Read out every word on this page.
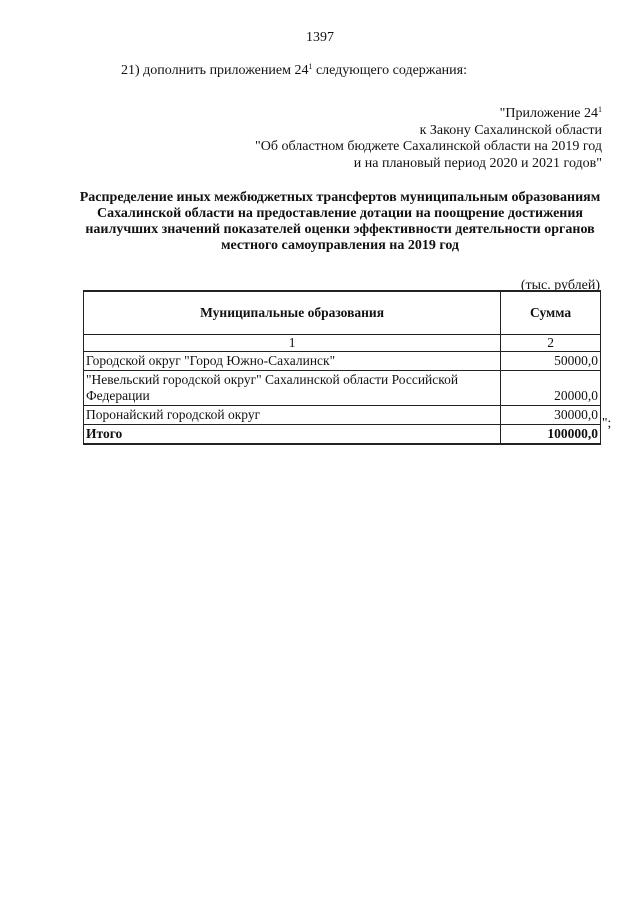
1397
21) дополнить приложением $24^1$ следующего содержания:
"Приложение $24^1$
к Закону Сахалинской области
"Об областном бюджете Сахалинской области на 2019 год
и на плановый период 2020 и 2021 годов"
Распределение иных межбюджетных трансфертов муниципальным образованиям
Сахалинской области на предоставление дотации на поощрение достижения
наилучших значений показателей оценки эффективности деятельности органов
местного самоуправления на 2019 год
(тыс. рублей)
Муниципальные образования	Сумма
1	2
Городской округ "Город Южно-Сахалинск"	50000,0
"Невельский городской округ" Сахалинской области Российской Федерации	20000,0
Поронайский городской округ	30000,0
Итого	100000,0
";
